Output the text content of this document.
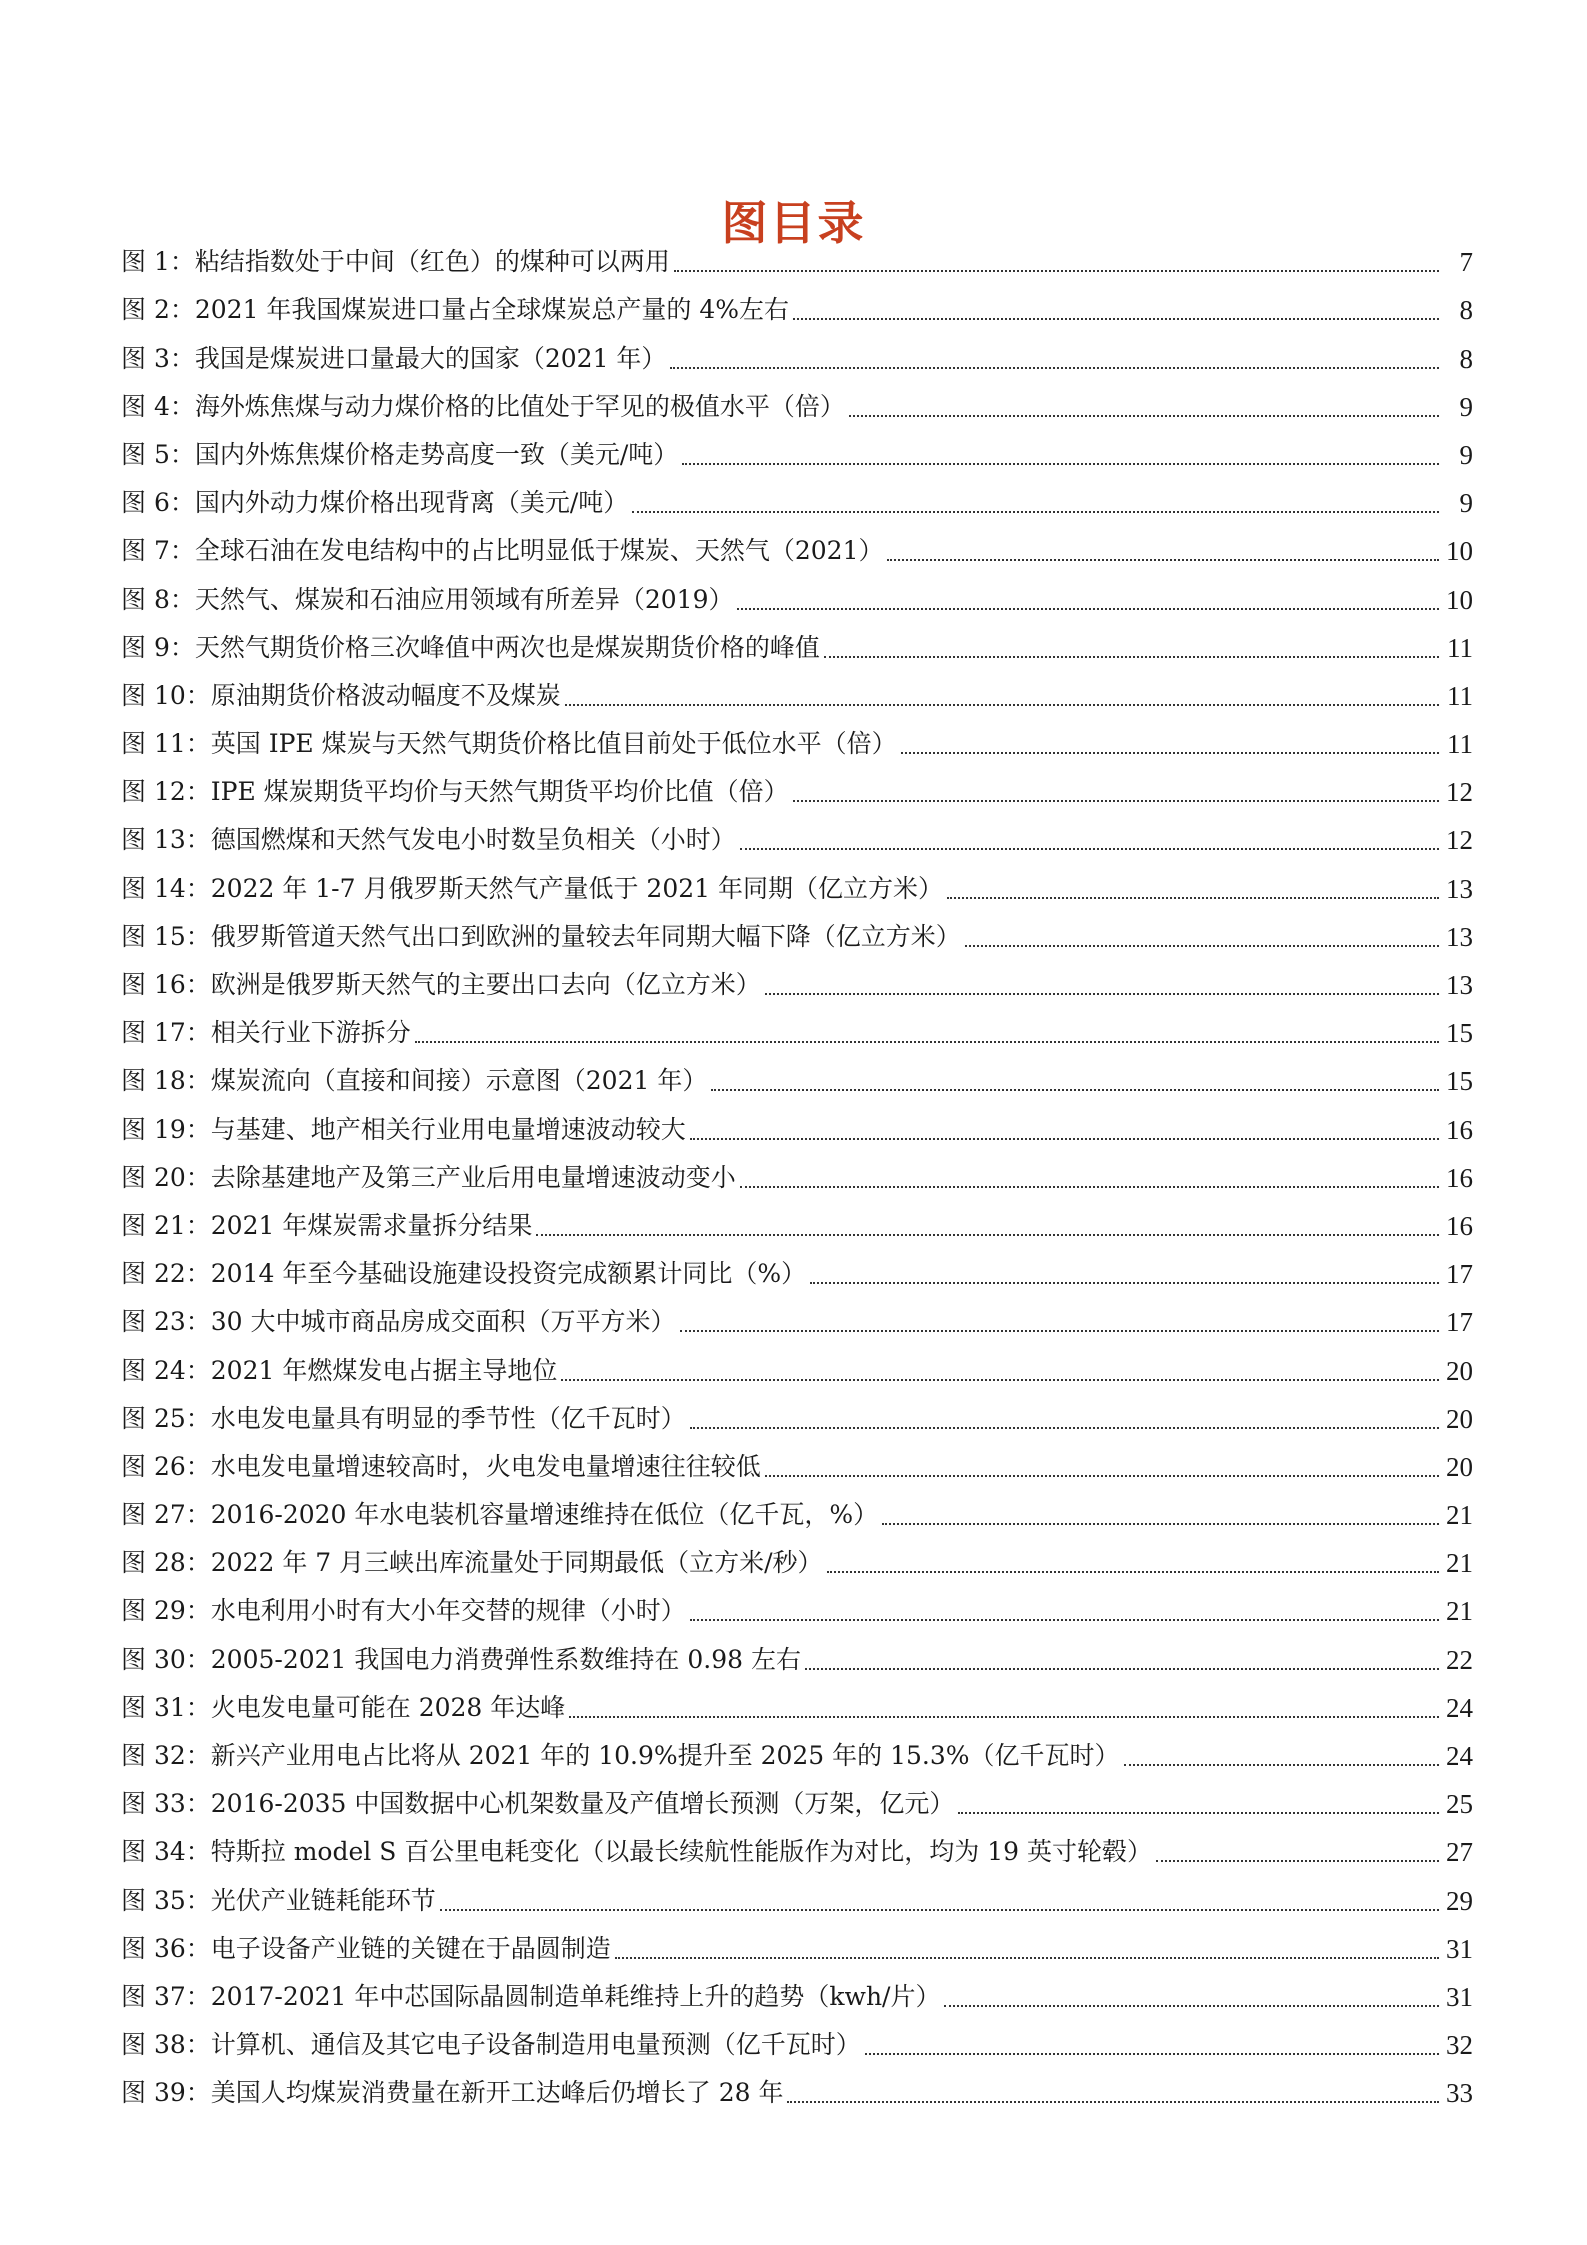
图目录
图 1：粘结指数处于中间（红色）的煤种可以两用	7
图 2：2021 年我国煤炭进口量占全球煤炭总产量的 4%左右	8
图 3：我国是煤炭进口量最大的国家（2021 年）	8
图 4：海外炼焦煤与动力煤价格的比值处于罕见的极值水平（倍）	9
图 5：国内外炼焦煤价格走势高度一致（美元/吨）	9
图 6：国内外动力煤价格出现背离（美元/吨）	9
图 7：全球石油在发电结构中的占比明显低于煤炭、天然气（2021）	10
图 8：天然气、煤炭和石油应用领域有所差异（2019）	10
图 9：天然气期货价格三次峰值中两次也是煤炭期货价格的峰值	11
图 10：原油期货价格波动幅度不及煤炭	11
图 11：英国 IPE 煤炭与天然气期货价格比值目前处于低位水平（倍）	11
图 12：IPE 煤炭期货平均价与天然气期货平均价比值（倍）	12
图 13：德国燃煤和天然气发电小时数呈负相关（小时）	12
图 14：2022 年 1-7 月俄罗斯天然气产量低于 2021 年同期（亿立方米）	13
图 15：俄罗斯管道天然气出口到欧洲的量较去年同期大幅下降（亿立方米）	13
图 16：欧洲是俄罗斯天然气的主要出口去向（亿立方米）	13
图 17：相关行业下游拆分	15
图 18：煤炭流向（直接和间接）示意图（2021 年）	15
图 19：与基建、地产相关行业用电量增速波动较大	16
图 20：去除基建地产及第三产业后用电量增速波动变小	16
图 21：2021 年煤炭需求量拆分结果	16
图 22：2014 年至今基础设施建设投资完成额累计同比（%）	17
图 23：30 大中城市商品房成交面积（万平方米）	17
图 24：2021 年燃煤发电占据主导地位	20
图 25：水电发电量具有明显的季节性（亿千瓦时）	20
图 26：水电发电量增速较高时，火电发电量增速往往较低	20
图 27：2016-2020 年水电装机容量增速维持在低位（亿千瓦，%）	21
图 28：2022 年 7 月三峡出库流量处于同期最低（立方米/秒）	21
图 29：水电利用小时有大小年交替的规律（小时）	21
图 30：2005-2021 我国电力消费弹性系数维持在 0.98 左右	22
图 31：火电发电量可能在 2028 年达峰	24
图 32：新兴产业用电占比将从 2021 年的 10.9%提升至 2025 年的 15.3%（亿千瓦时）	24
图 33：2016-2035 中国数据中心机架数量及产值增长预测（万架，亿元）	25
图 34：特斯拉 model S 百公里电耗变化（以最长续航性能版作为对比，均为 19 英寸轮毂）	27
图 35：光伏产业链耗能环节	29
图 36：电子设备产业链的关键在于晶圆制造	31
图 37：2017-2021 年中芯国际晶圆制造单耗维持上升的趋势（kwh/片）	31
图 38：计算机、通信及其它电子设备制造用电量预测（亿千瓦时）	32
图 39：美国人均煤炭消费量在新开工达峰后仍增长了 28 年	33
